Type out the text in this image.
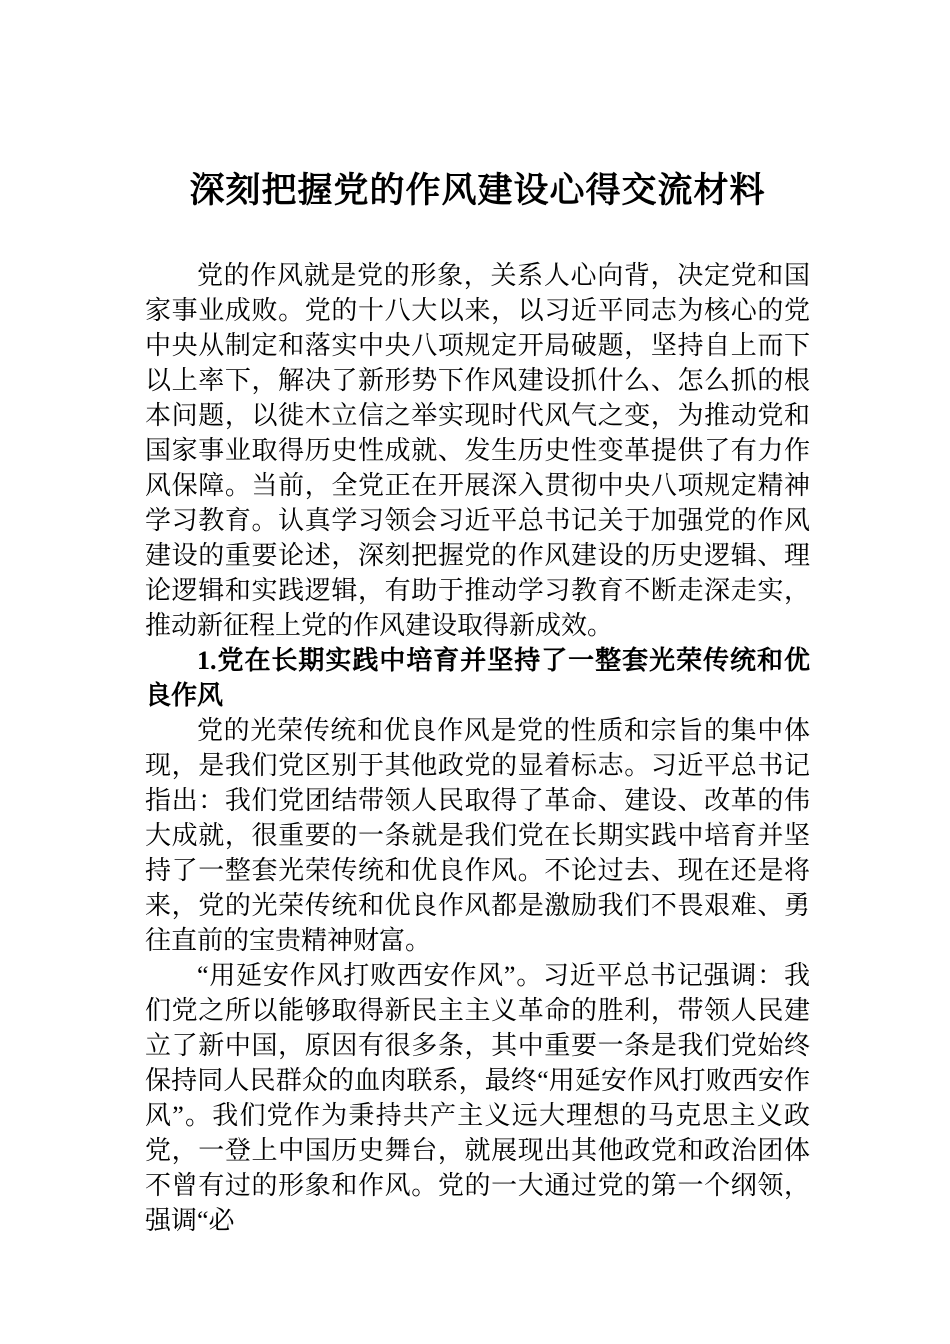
深刻把握党的作风建设心得交流材料

党的作风就是党的形象，关系人心向背，决定党和国家事业成败。党的十八大以来，以习近平同志为核心的党中央从制定和落实中央八项规定开局破题，坚持自上而下以上率下，解决了新形势下作风建设抓什么、怎么抓的根本问题，以徙木立信之举实现时代风气之变，为推动党和国家事业取得历史性成就、发生历史性变革提供了有力作风保障。当前，全党正在开展深入贯彻中央八项规定精神学习教育。认真学习领会习近平总书记关于加强党的作风建设的重要论述，深刻把握党的作风建设的历史逻辑、理论逻辑和实践逻辑，有助于推动学习教育不断走深走实，推动新征程上党的作风建设取得新成效。

1.党在长期实践中培育并坚持了一整套光荣传统和优良作风

党的光荣传统和优良作风是党的性质和宗旨的集中体现，是我们党区别于其他政党的显着标志。习近平总书记指出：我们党团结带领人民取得了革命、建设、改革的伟大成就，很重要的一条就是我们党在长期实践中培育并坚持了一整套光荣传统和优良作风。不论过去、现在还是将来，党的光荣传统和优良作风都是激励我们不畏艰难、勇往直前的宝贵精神财富。

“用延安作风打败西安作风”。习近平总书记强调：我们党之所以能够取得新民主主义革命的胜利，带领人民建立了新中国，原因有很多条，其中重要一条是我们党始终保持同人民群众的血肉联系，最终“用延安作风打败西安作风”。我们党作为秉持共产主义远大理想的马克思主义政党，一登上中国历史舞台，就展现出其他政党和政治团体不曾有过的形象和作风。党的一大通过党的第一个纲领，强调“必
